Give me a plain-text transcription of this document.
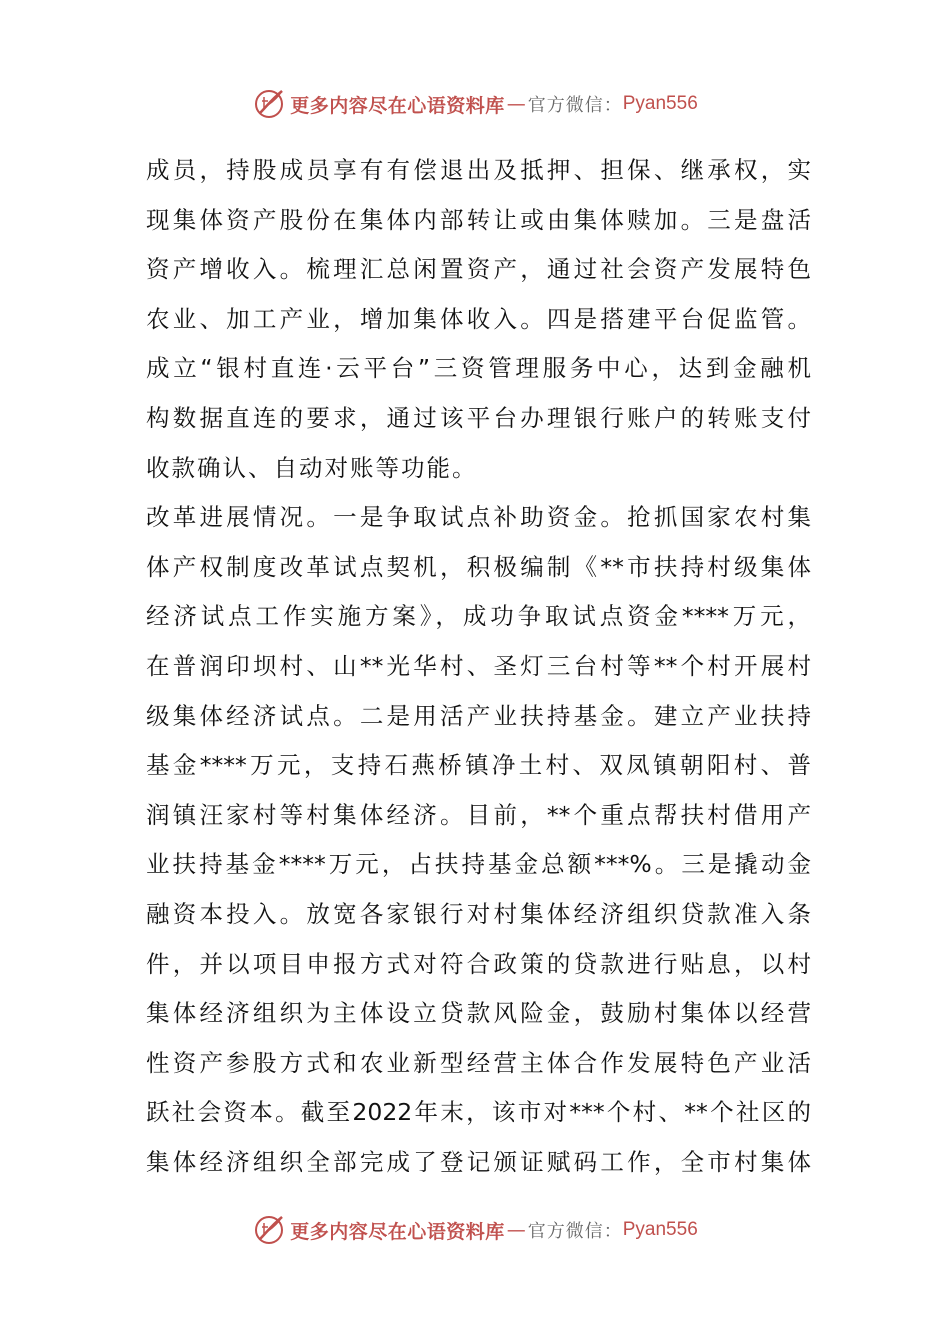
更多内容尽在心语资料库 — 官方微信： Pyan556
成员，持股成员享有有偿退出及抵押、担保、继承权，实
现集体资产股份在集体内部转让或由集体赎加。三是盘活
资产增收入。梳理汇总闲置资产，通过社会资产发展特色
农业、加工产业，增加集体收入。四是搭建平台促监管。
成立“银村直连·云平台”三资管理服务中心，达到金融机
构数据直连的要求，通过该平台办理银行账户的转账支付
收款确认、自动对账等功能。
改革进展情况。一是争取试点补助资金。抢抓国家农村集
体产权制度改革试点契机，积极编制《**市扶持村级集体
经济试点工作实施方案》，成功争取试点资金****万元，
在普润印坝村、山**光华村、圣灯三台村等**个村开展村
级集体经济试点。二是用活产业扶持基金。建立产业扶持
基金****万元，支持石燕桥镇净土村、双凤镇朝阳村、普
润镇汪家村等村集体经济。目前，**个重点帮扶村借用产
业扶持基金****万元，占扶持基金总额***%。三是撬动金
融资本投入。放宽各家银行对村集体经济组织贷款准入条
件，并以项目申报方式对符合政策的贷款进行贴息，以村
集体经济组织为主体设立贷款风险金，鼓励村集体以经营
性资产参股方式和农业新型经营主体合作发展特色产业活
跃社会资本。截至2022年末，该市对***个村、**个社区的
集体经济组织全部完成了登记颁证赋码工作，全市村集体
更多内容尽在心语资料库 — 官方微信： Pyan556
